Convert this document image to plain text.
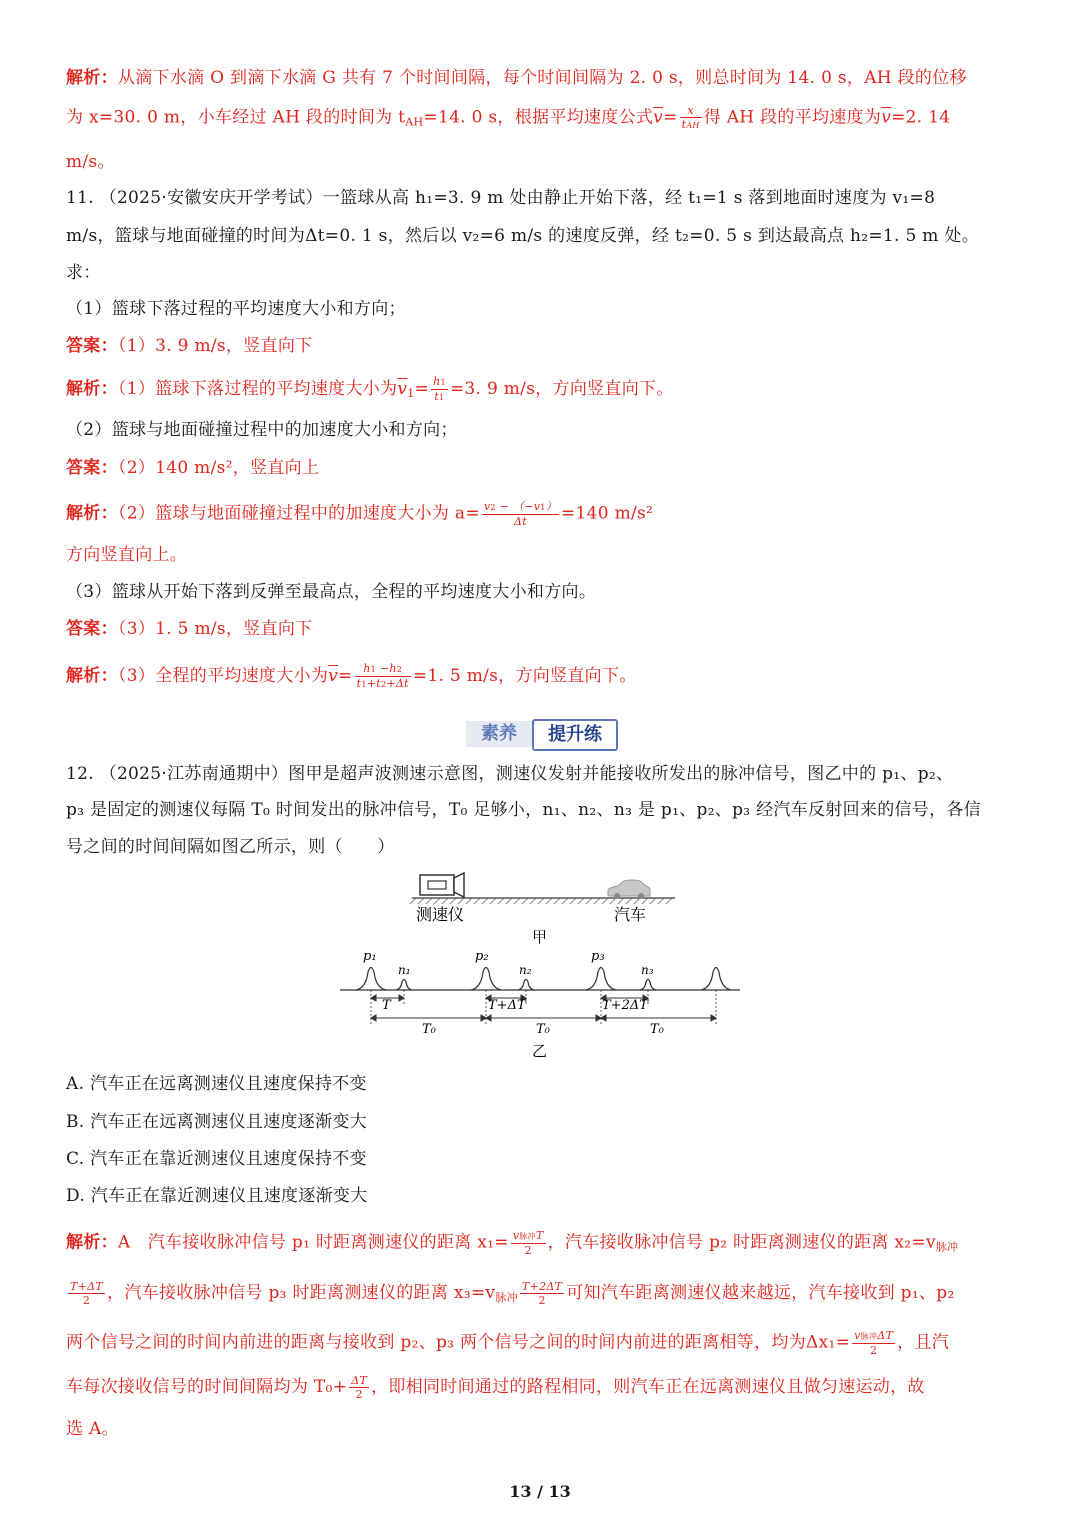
解析：从滴下水滴 O 到滴下水滴 G 共有 7 个时间间隔，每个时间间隔为 2. 0 s，则总时间为 14. 0 s，AH 段的位移
为 x=30. 0 m，小车经过 AH 段的时间为 $t_{AH}=14$. 0 s，根据平均速度公式$\overline{v}= \frac{x}{\text{tAH}}$ 得 AH 段的平均速度为$\overline{v}=2$. 14
m/s。
11. （2025·安徽安庆开学考试）一篮球从高 h₁=3. 9 m 处由静止开始下落，经 t₁=1 s 落到地面时速度为 v₁=8
m/s，篮球与地面碰撞的时间为Δt=0. 1 s，然后以 v₂=6 m/s 的速度反弹，经 t₂=0. 5 s 到达最高点 h₂=1. 5 m 处。
求：
（1）篮球下落过程的平均速度大小和方向；
答案：（1）3. 9 m/s，竖直向下
解析：（1）篮球下落过程的平均速度大小为$\overline{v}_1= \frac{h1}{t1} =3$. 9 m/s，方向竖直向下。
（2）篮球与地面碰撞过程中的加速度大小和方向；
答案：（2）140 m/s²，竖直向上
解析：（2）篮球与地面碰撞过程中的加速度大小为 $a= \frac{v2 - (-v1)}{\Delta t} =140$ m/s²
方向竖直向上。
（3）篮球从开始下落到反弹至最高点，全程的平均速度大小和方向。
答案：（3）1. 5 m/s，竖直向下
解析：（3）全程的平均速度大小为$\overline{v}= \frac{h1 -h2}{t1+t2+\Delta t} =1$. 5 m/s，方向竖直向下。
素养	提升练
12. （2025·江苏南通期中）图甲是超声波测速示意图，测速仪发射并能接收所发出的脉冲信号，图乙中的 p₁、p₂、
p₃ 是固定的测速仪每隔 T₀ 时间发出的脉冲信号，T₀ 足够小，n₁、n₂、n₃ 是 p₁、p₂、p₃ 经汽车反射回来的信号，各信
号之间的时间间隔如图乙所示，则（　　）
测速仪	汽车
甲
p₁	p₂	p₃
n₁	n₂	n₃
T	T+ΔT	T+2ΔT
T₀	T₀	T₀
乙
A. 汽车正在远离测速仪且速度保持不变
B. 汽车正在远离测速仪且速度逐渐变大
C. 汽车正在靠近测速仪且速度保持不变
D. 汽车正在靠近测速仪且速度逐渐变大
解析：A　汽车接收脉冲信号 p₁ 时距离测速仪的距离 $x_1= \frac{\text{v脉冲T}}{2}$ ，汽车接收脉冲信号 p₂ 时距离测速仪的距离 $x_2=v_{脉冲}$
$\frac{T+\Delta T}{2}$ ，汽车接收脉冲信号 p₃ 时距离测速仪的距离 $x_3=v_{脉冲} \frac{T+2\Delta T}{2}$ 可知汽车距离测速仪越来越远，汽车接收到 p₁、p₂
两个信号之间的时间内前进的距离与接收到 p₂、p₃ 两个信号之间的时间内前进的距离相等，均为$\Delta x_1= \frac{\text{v脉冲ΔT}}{2}$ ，且汽
车每次接收信号的时间间隔均为 $T_0+ \frac{\Delta T}{2}$ ，即相同时间通过的路程相同，则汽车正在远离测速仪且做匀速运动，故
选 A。
13 / 13
